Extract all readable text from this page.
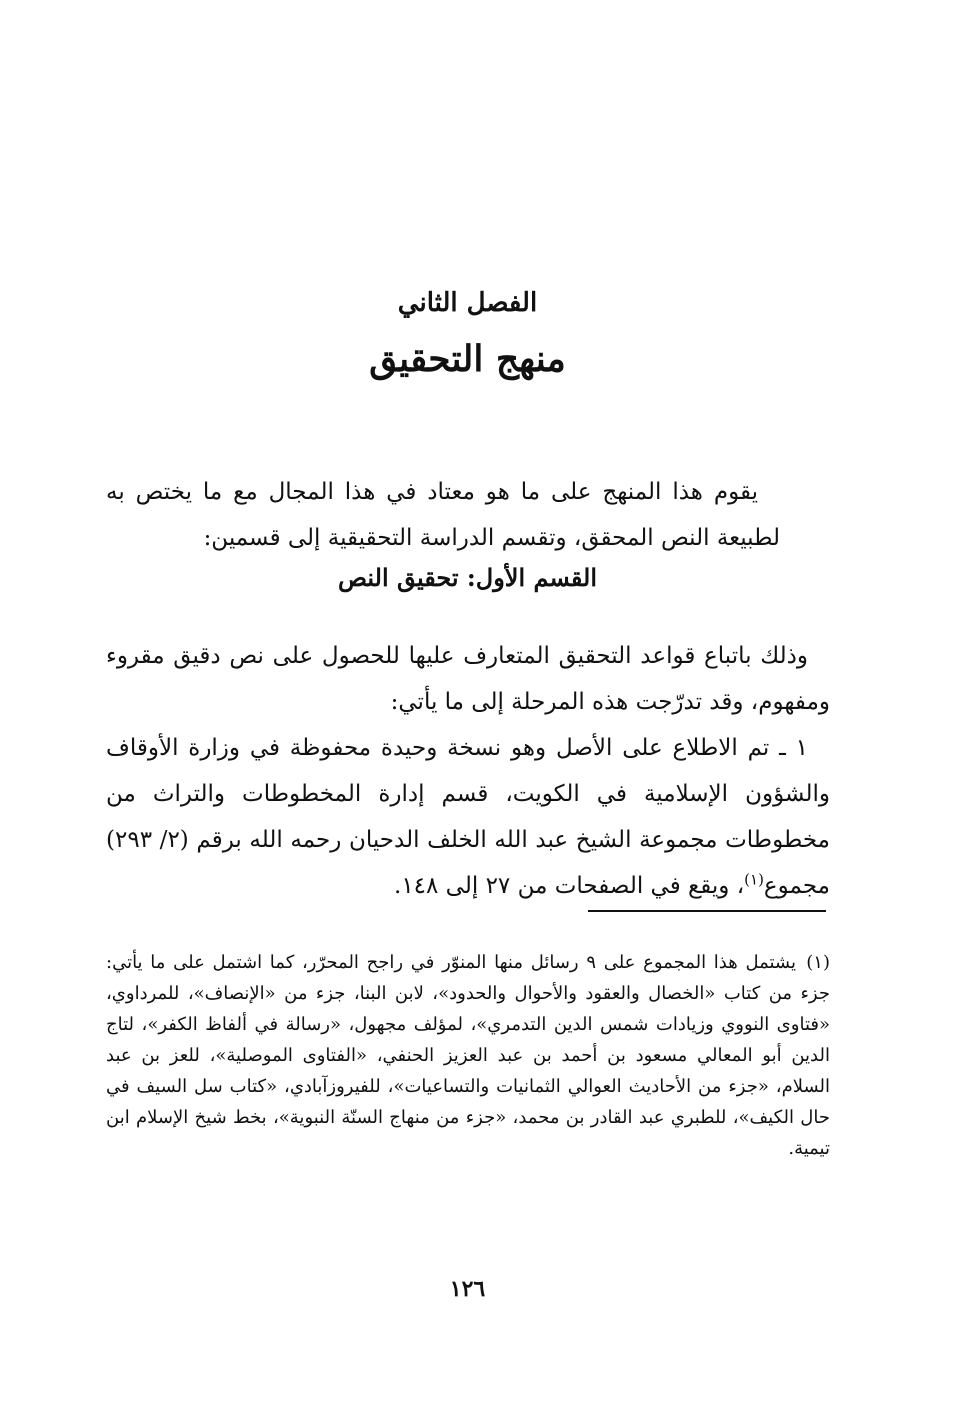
الفصل الثاني
منهج التحقيق

يقوم هذا المنهج على ما هو معتاد في هذا المجال مع ما يختص به لطبيعة النص المحقق، وتقسم الدراسة التحقيقية إلى قسمين:

القسم الأول: تحقيق النص

وذلك باتباع قواعد التحقيق المتعارف عليها للحصول على نص دقيق مقروء ومفهوم، وقد تدرّجت هذه المرحلة إلى ما يأتي:

١ ـ تم الاطلاع على الأصل وهو نسخة وحيدة محفوظة في وزارة الأوقاف والشؤون الإسلامية في الكويت، قسم إدارة المخطوطات والتراث من مخطوطات مجموعة الشيخ عبد الله الخلف الدحيان رحمه الله برقم (٢/ ٢٩٣) مجموع$^{(١)}$، ويقع في الصفحات من ٢٧ إلى ١٤٨.

(١)يشتمل هذا المجموع على ٩ رسائل منها المنوّر في راجح المحرّر، كما اشتمل على ما يأتي: جزء من كتاب «الخصال والعقود والأحوال والحدود»، لابن البنا، جزء من «الإنصاف»، للمرداوي، «فتاوى النووي وزيادات شمس الدين التدمري»، لمؤلف مجهول، «رسالة في ألفاظ الكفر»، لتاج الدين أبو المعالي مسعود بن أحمد بن عبد العزيز الحنفي، «الفتاوى الموصلية»، للعز بن عبد السلام، «جزء من الأحاديث العوالي الثمانيات والتساعيات»، للفيروزآبادي، «كتاب سل السيف في حال الكيف»، للطبري عبد القادر بن محمد، «جزء من منهاج السنّة النبوية»، بخط شيخ الإسلام ابن تيمية.

١٢٦
